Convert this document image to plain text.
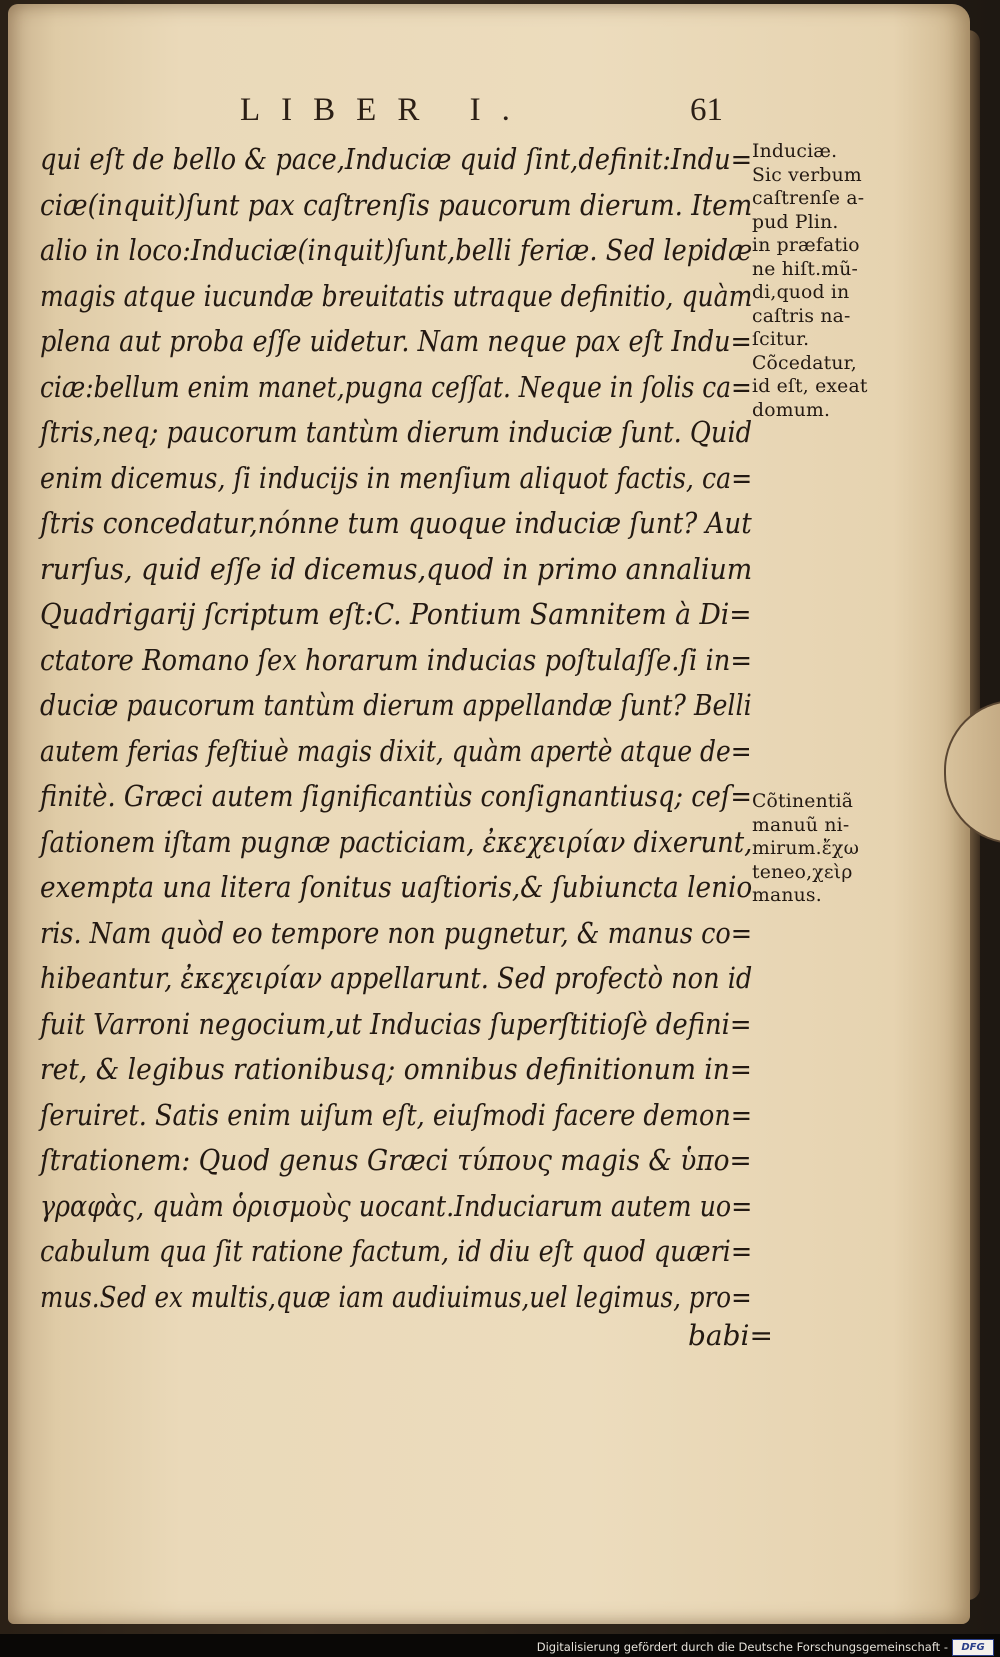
LIBER I.	61
qui eſt de bello & pace,Induciæ quid ſint,definit:Indu=
ciæ(inquit)ſunt pax caſtrenſis paucorum dierum. Item
alio in loco:Induciæ(inquit)ſunt,belli feriæ. Sed lepidæ
magis atque iucundæ breuitatis utraque definitio, quàm
plena aut proba eſſe uidetur. Nam neque pax eſt Indu=
ciæ:bellum enim manet,pugna ceſſat. Neque in ſolis ca=
ſtris,neq; paucorum tantùm dierum induciæ ſunt. Quid
enim dicemus, ſi inducijs in menſium aliquot factis, ca=
ſtris concedatur,nónne tum quoque induciæ ſunt? Aut
rurſus, quid eſſe id dicemus,quod in primo annalium
Quadrigarij ſcriptum eſt:C. Pontium Samnitem à Di=
ctatore Romano ſex horarum inducias poſtulaſſe.ſi in=
duciæ paucorum tantùm dierum appellandæ ſunt? Belli
autem ferias feſtiuè magis dixit, quàm apertè atque de=
finitè. Græci autem ſignificantiùs conſignantiusq; ceſ=
ſationem iſtam pugnæ pacticiam, ἐκεχειρίαν dixerunt,
exempta una litera ſonitus uaſtioris,& ſubiuncta lenio
ris. Nam quòd eo tempore non pugnetur, & manus co=
hibeantur, ἐκεχειρίαν appellarunt. Sed profectò non id
fuit Varroni negocium,ut Inducias ſuperſtitioſè defini=
ret, & legibus rationibusq; omnibus definitionum in=
ſeruiret. Satis enim uiſum eſt, eiuſmodi facere demon=
ſtrationem: Quod genus Græci τύπους magis & ὑπο=
γραφὰς, quàm ὁρισμοὺς uocant.Induciarum autem uo=
cabulum qua ſit ratione factum, id diu eſt quod quæri=
mus.Sed ex multis,quæ iam audiuimus,uel legimus, pro=
babi=
Induciæ.
Sic verbum
caſtrenſe a-
pud Plin.
in præfatio
ne hiſt.mũ-
di,quod in
caſtris na-
ſcitur.
Cõcedatur,
id eſt, exeat
domum.
Cõtinentiã
manuũ ni-
mirum.ἔχω
teneo,χεὶρ
manus.
Digitalisierung gefördert durch die Deutsche Forschungsgemeinschaft -	DFG
